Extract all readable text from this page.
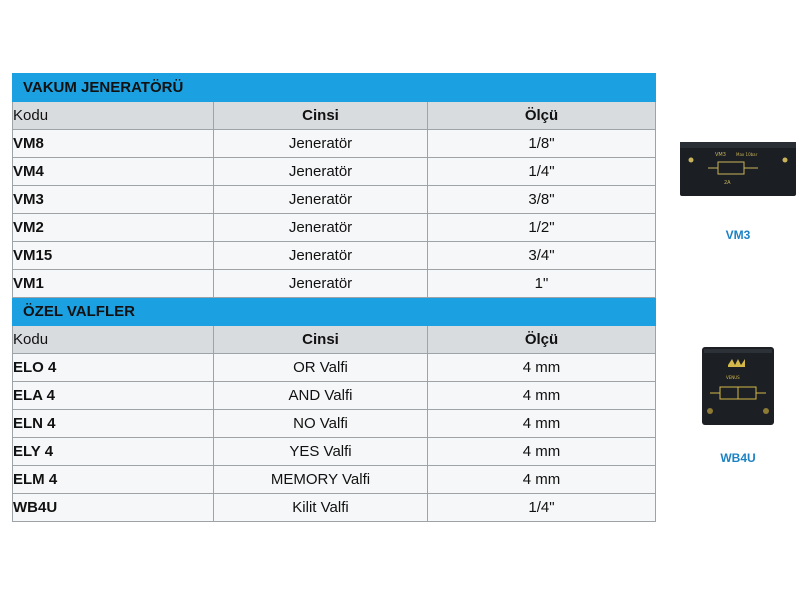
VAKUM JENERATÖRÜ		
Kodu	Cinsi	Ölçü
VM8	Jeneratör	1/8"
VM4	Jeneratör	1/4"
VM3	Jeneratör	3/8"
VM2	Jeneratör	1/2"
VM15	Jeneratör	3/4"
VM1	Jeneratör	1"
ÖZEL VALFLER		
Kodu	Cinsi	Ölçü
ELO 4	OR Valfi	4 mm
ELA 4	AND Valfi	4 mm
ELN 4	NO Valfi	4 mm
ELY 4	YES Valfi	4 mm
ELM 4	MEMORY Valfi	4 mm
WB4U	Kilit Valfi	1/4"
VM3	Max 10bar
2A
VM3
VENUS
WB4U
